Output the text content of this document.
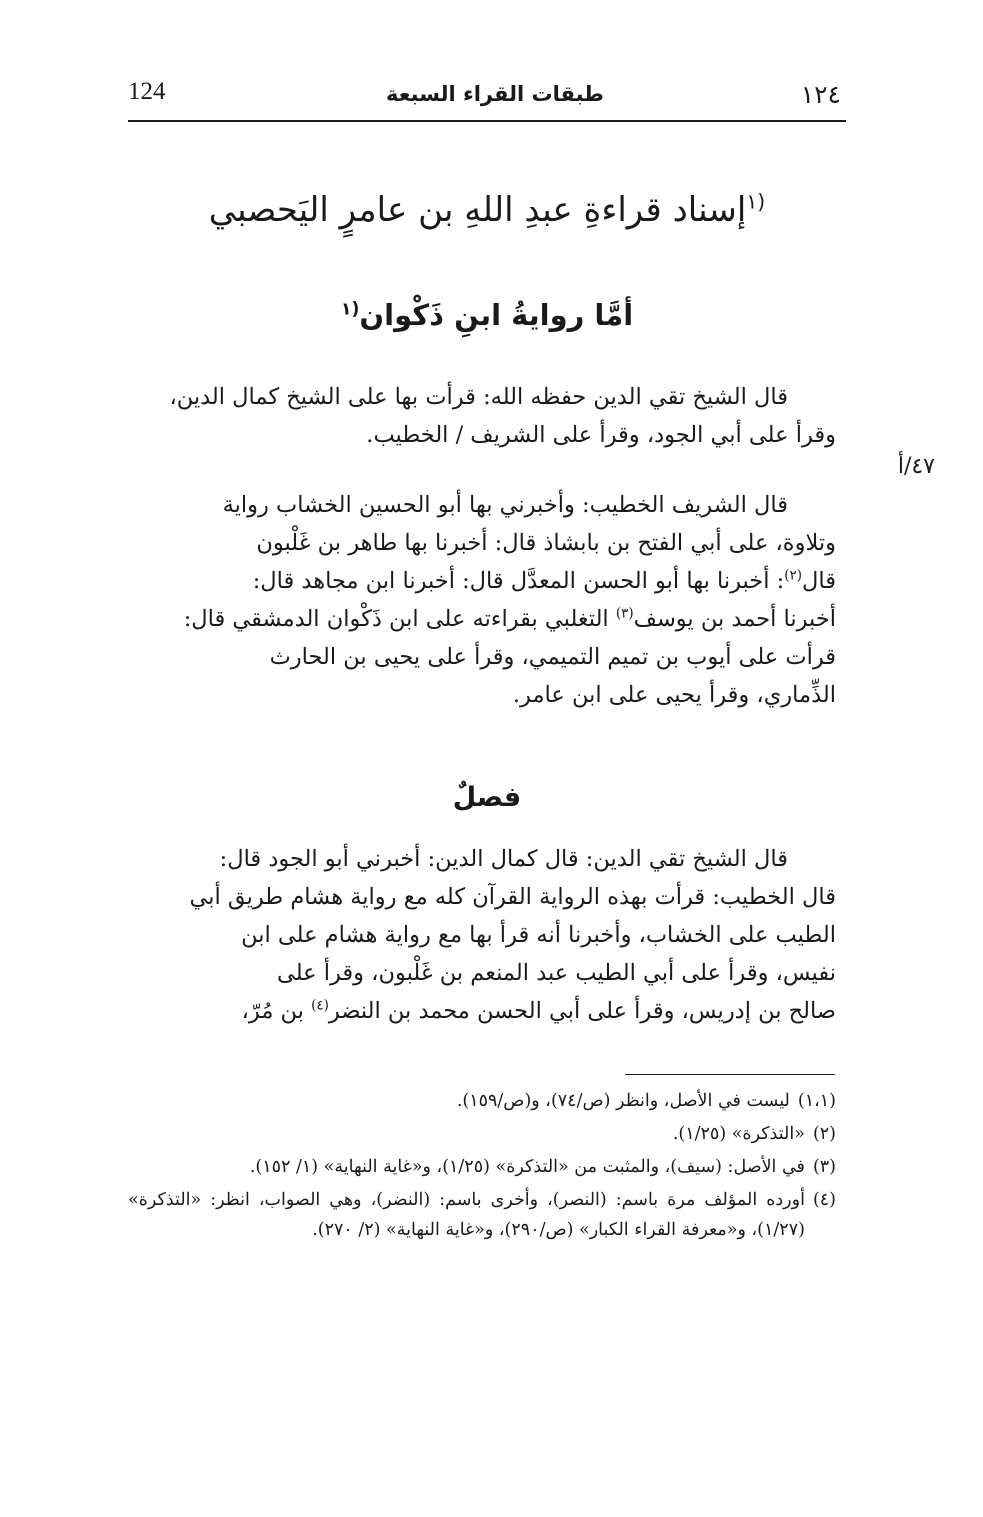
124	طبقات القراء السبعة	١٢٤
$^{(١}$إسناد قراءةِ عبدِ اللهِ بن عامرٍ اليَحصبي
أمَّا روايةُ ابنِ ذَكْوان$^{(١}$
قال الشيخ تقي الدين حفظه الله: قرأت بها على الشيخ كمال الدين،
وقرأ على أبي الجود، وقرأ على الشريف / الخطيب.
٤٧/أ
قال الشريف الخطيب: وأخبرني بها أبو الحسين الخشاب رواية
وتلاوة، على أبي الفتح بن بابشاذ قال: أخبرنا بها طاهر بن غَلْبون
قال$^{(٢)}$: أخبرنا بها أبو الحسن المعدَّل قال: أخبرنا ابن مجاهد قال:
أخبرنا أحمد بن يوسف$^{(٣)}$ التغلبي بقراءته على ابن ذَكْوان الدمشقي قال:
قرأت على أيوب بن تميم التميمي، وقرأ على يحيى بن الحارث
الذِّماري، وقرأ يحيى على ابن عامر.
فصلٌ
قال الشيخ تقي الدين: قال كمال الدين: أخبرني أبو الجود قال:
قال الخطيب: قرأت بهذه الرواية القرآن كله مع رواية هشام طريق أبي
الطيب على الخشاب، وأخبرنا أنه قرأ بها مع رواية هشام على ابن
نفيس، وقرأ على أبي الطيب عبد المنعم بن غَلْبون، وقرأ على
صالح بن إدريس، وقرأ على أبي الحسن محمد بن النضر$^{(٤)}$ بن مُرّ،
(١،١)
ليست في الأصل، وانظر (ص/٧٤)، و(ص/١٥٩).
(٢)
«التذكرة» (١/٢٥).
(٣)
في الأصل: (سيف)، والمثبت من «التذكرة» (١/٢٥)، و«غاية النهاية» (١/ ١٥٢).
(٤)
أورده المؤلف مرة باسم: (النصر)، وأخرى باسم: (النضر)، وهي الصواب، انظر: «التذكرة» (١/٢٧)، و«معرفة القراء الكبار» (ص/٢٩٠)، و«غاية النهاية» (٢/ ٢٧٠).
